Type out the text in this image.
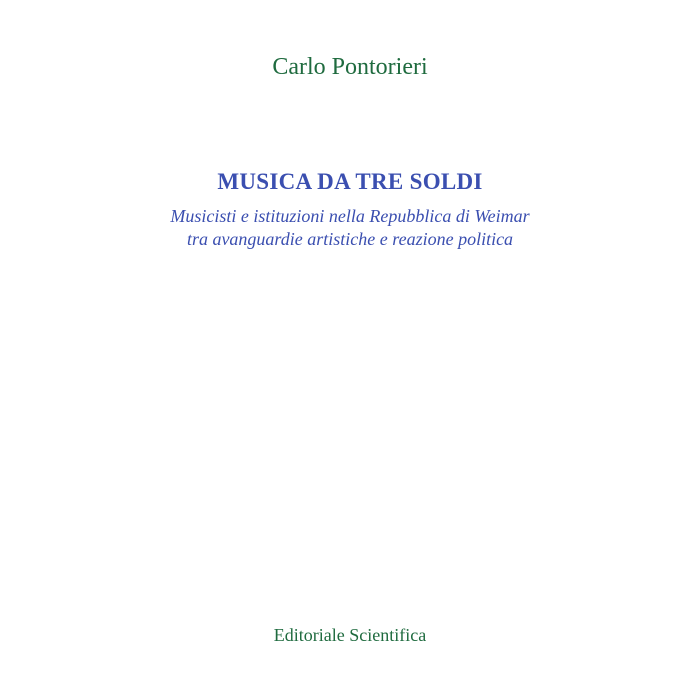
Carlo Pontorieri
MUSICA DA TRE SOLDI
Musicisti e istituzioni nella Repubblica di Weimar
tra avanguardie artistiche e reazione politica
Editoriale Scientifica
